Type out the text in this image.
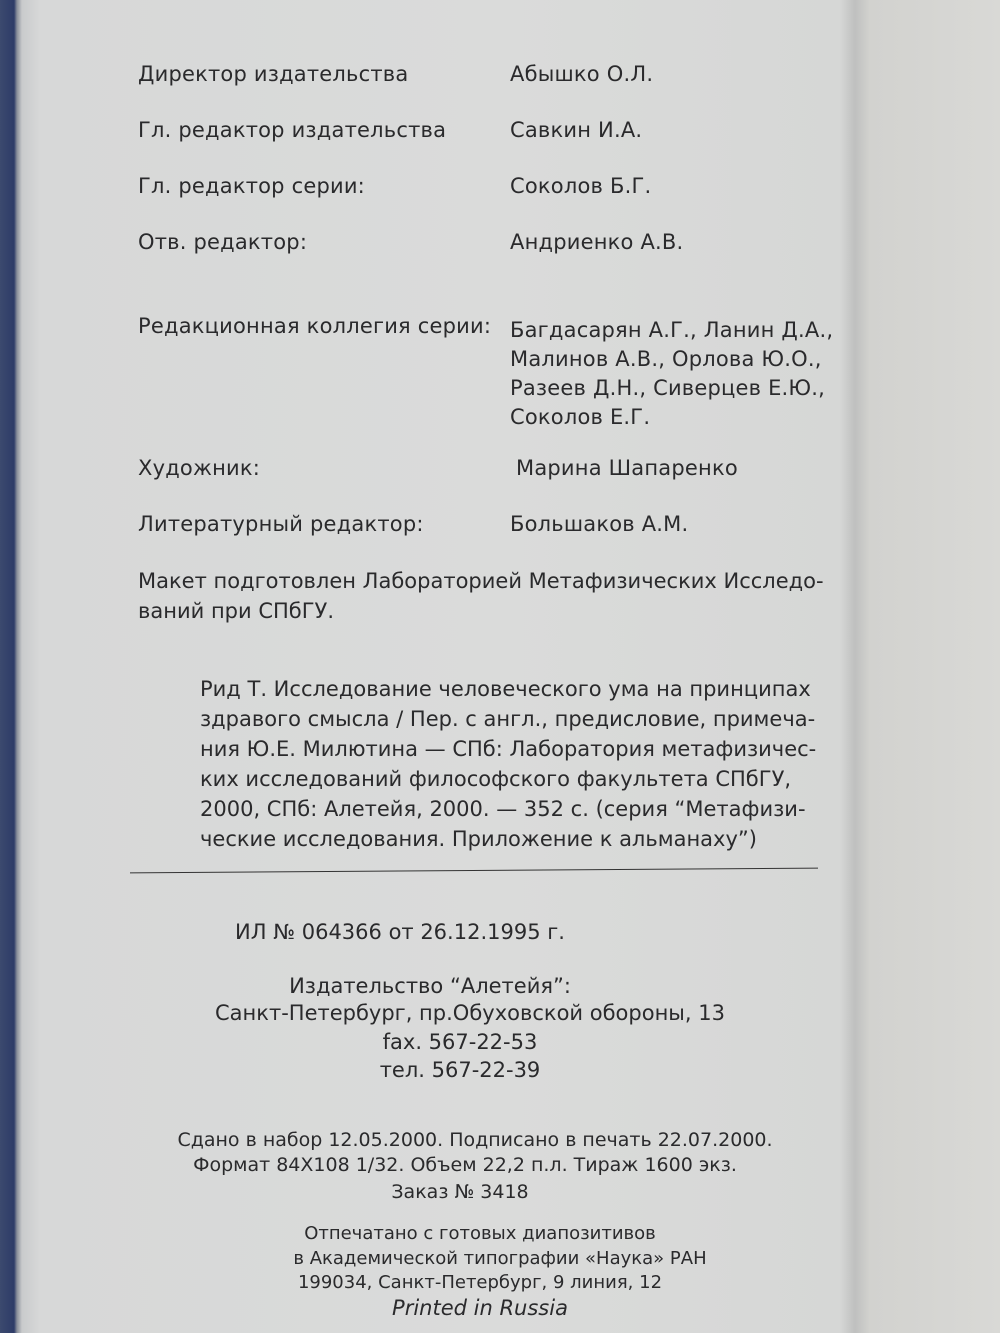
Директор издательства	Абышко О.Л.
Гл. редактор издательства	Савкин И.А.
Гл. редактор серии:	Соколов Б.Г.
Отв. редактор:	Андриенко А.В.
Редакционная коллегия серии: Багдасарян А.Г., Ланин Д.А.,
Малинов А.В., Орлова Ю.О.,
Разеев Д.Н., Сиверцев Е.Ю.,
Соколов Е.Г.
Художник:	Марина Шапаренко
Литературный редактор:	Большаков А.М.
Макет подготовлен Лабораторией Метафизических Исследо-
ваний при СПбГУ.
Рид Т. Исследование человеческого ума на принципах
здравого смысла / Пер. с англ., предисловие, примеча-
ния Ю.Е. Милютина — СПб: Лаборатория метафизичес-
ких исследований философского факультета СПбГУ,
2000, СПб: Алетейя, 2000. — 352 с. (серия “Метафизи-
ческие исследования. Приложение к альманаху”)
ИЛ № 064366 от 26.12.1995 г.
Издательство “Алетейя”:
Санкт-Петербург, пр.Обуховской обороны, 13
fax. 567-22-53
тел. 567-22-39
Сдано в набор 12.05.2000. Подписано в печать 22.07.2000.
Формат 84Х108 1/32. Объем 22,2 п.л. Тираж 1600 экз.
Заказ № 3418
Отпечатано с готовых диапозитивов
в Академической типографии «Наука» РАН
199034, Санкт-Петербург, 9 линия, 12
Printed in Russia
